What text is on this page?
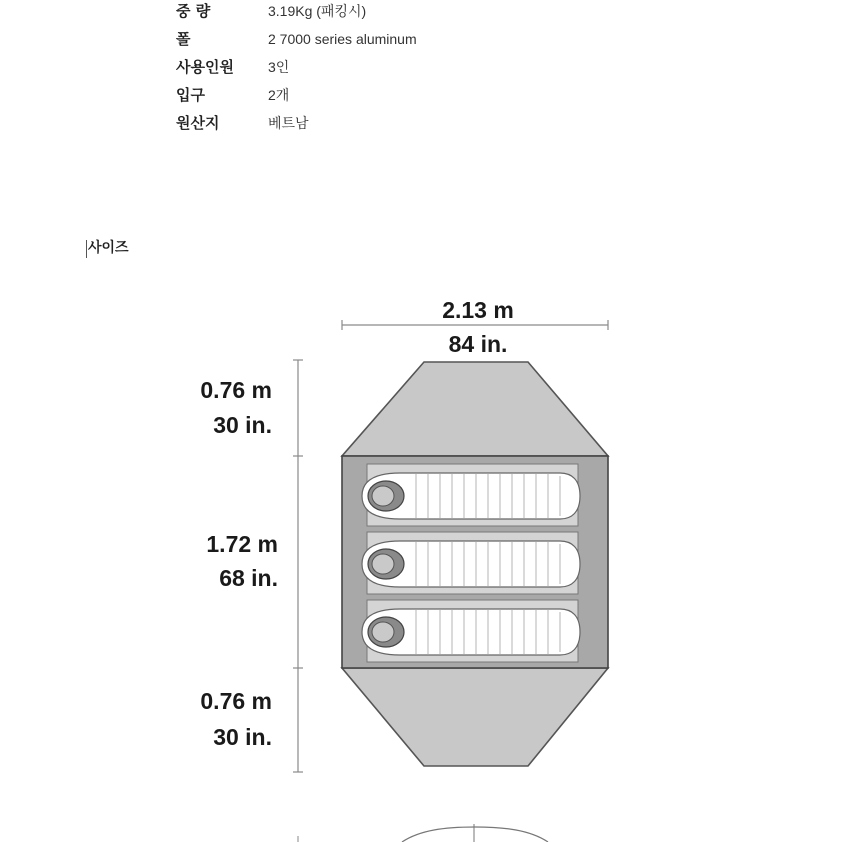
중 량	3.19Kg (패킹시)
폴	2 7000 series aluminum
사용인원 3인
입구	2개
원산지	베트남
사이즈
2.13 m
84 in.
0.76 m
30 in.
1.72 m
68 in.
0.76 m
30 in.
